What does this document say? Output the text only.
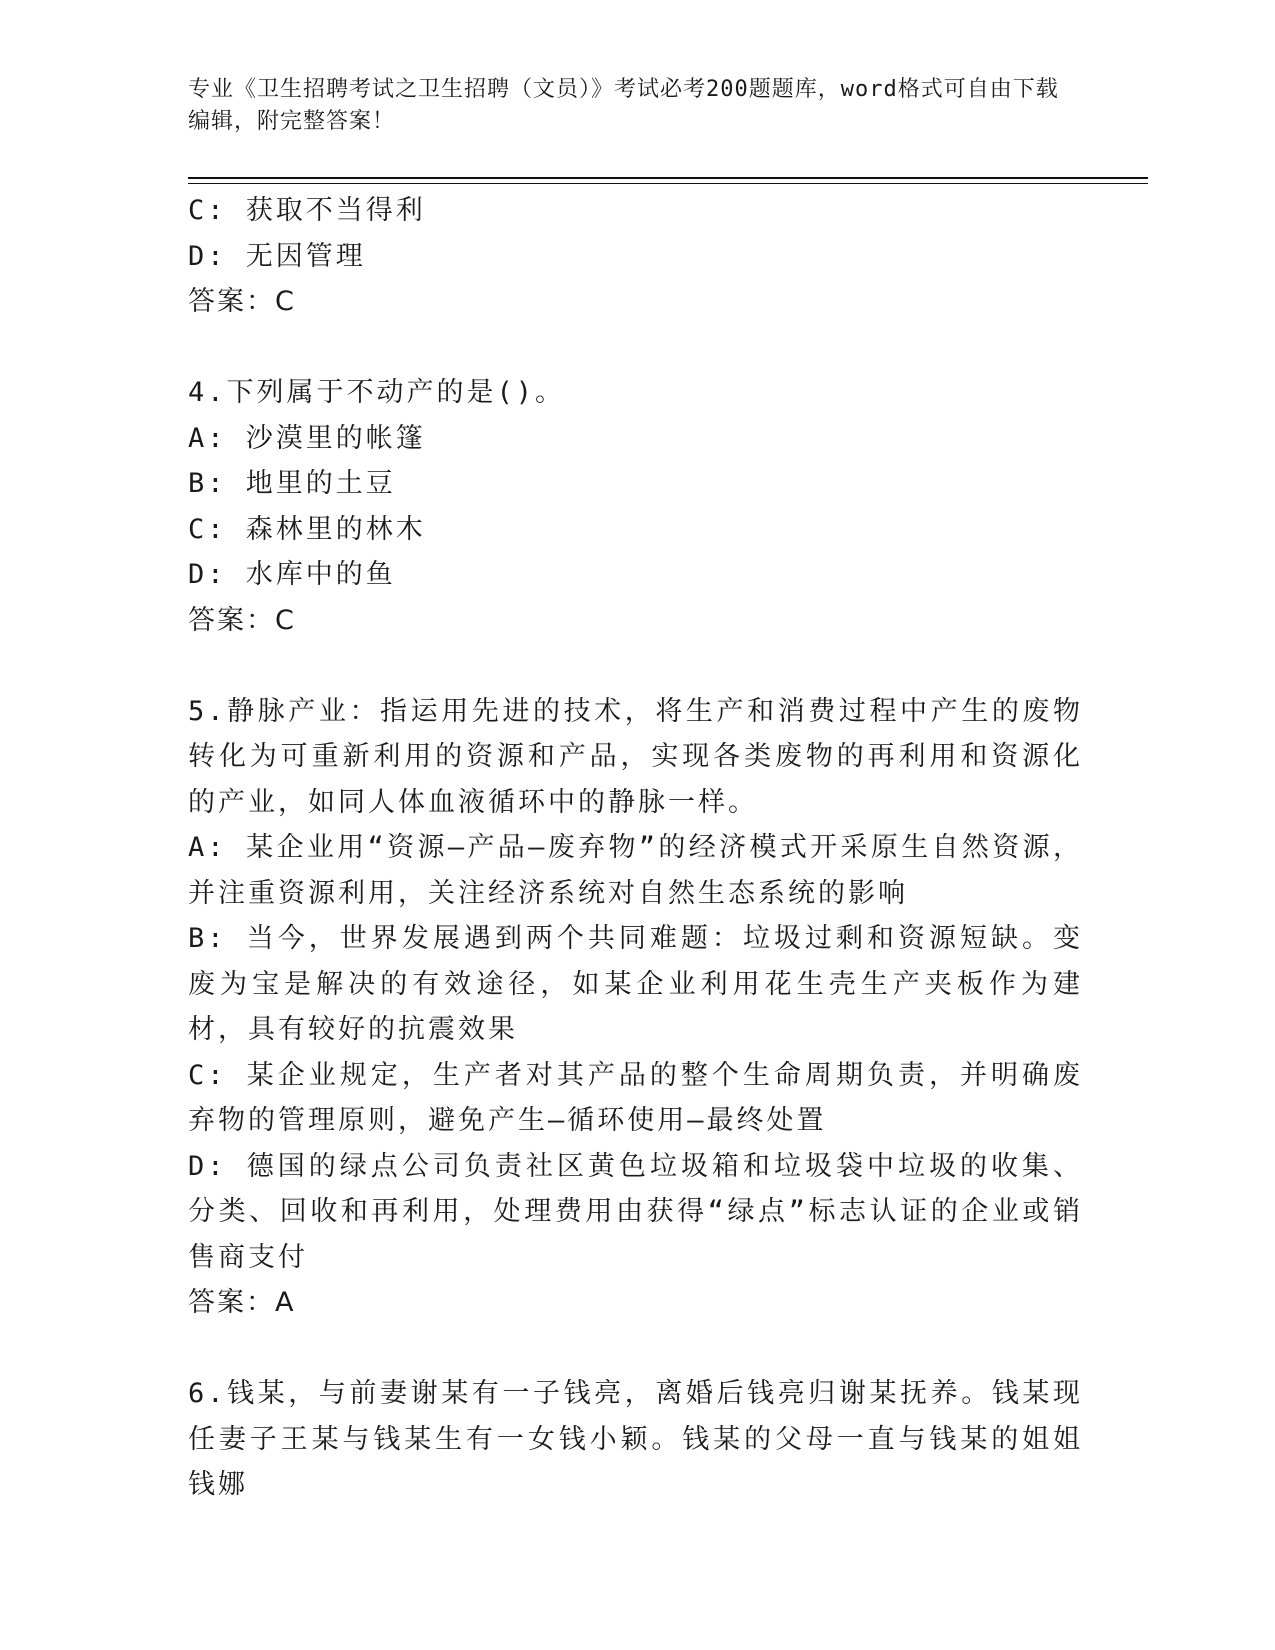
专业《卫生招聘考试之卫生招聘（文员）》考试必考200题题库，word格式可自由下载编辑，附完整答案！
C: 获取不当得利
D: 无因管理
答案：C
4.下列属于不动产的是()。
A: 沙漠里的帐篷
B: 地里的土豆
C: 森林里的林木
D: 水库中的鱼
答案：C
5.静脉产业：指运用先进的技术，将生产和消费过程中产生的废物转化为可重新利用的资源和产品，实现各类废物的再利用和资源化的产业，如同人体血液循环中的静脉一样。
A: 某企业用“资源—产品—废弃物”的经济模式开采原生自然资源，并注重资源利用，关注经济系统对自然生态系统的影响
B: 当今，世界发展遇到两个共同难题：垃圾过剩和资源短缺。变废为宝是解决的有效途径，如某企业利用花生壳生产夹板作为建材，具有较好的抗震效果
C: 某企业规定，生产者对其产品的整个生命周期负责，并明确废弃物的管理原则，避免产生—循环使用—最终处置
D: 德国的绿点公司负责社区黄色垃圾箱和垃圾袋中垃圾的收集、分类、回收和再利用，处理费用由获得“绿点”标志认证的企业或销售商支付
答案：A
6.钱某，与前妻谢某有一子钱亮，离婚后钱亮归谢某抚养。钱某现任妻子王某与钱某生有一女钱小颖。钱某的父母一直与钱某的姐姐钱娜
